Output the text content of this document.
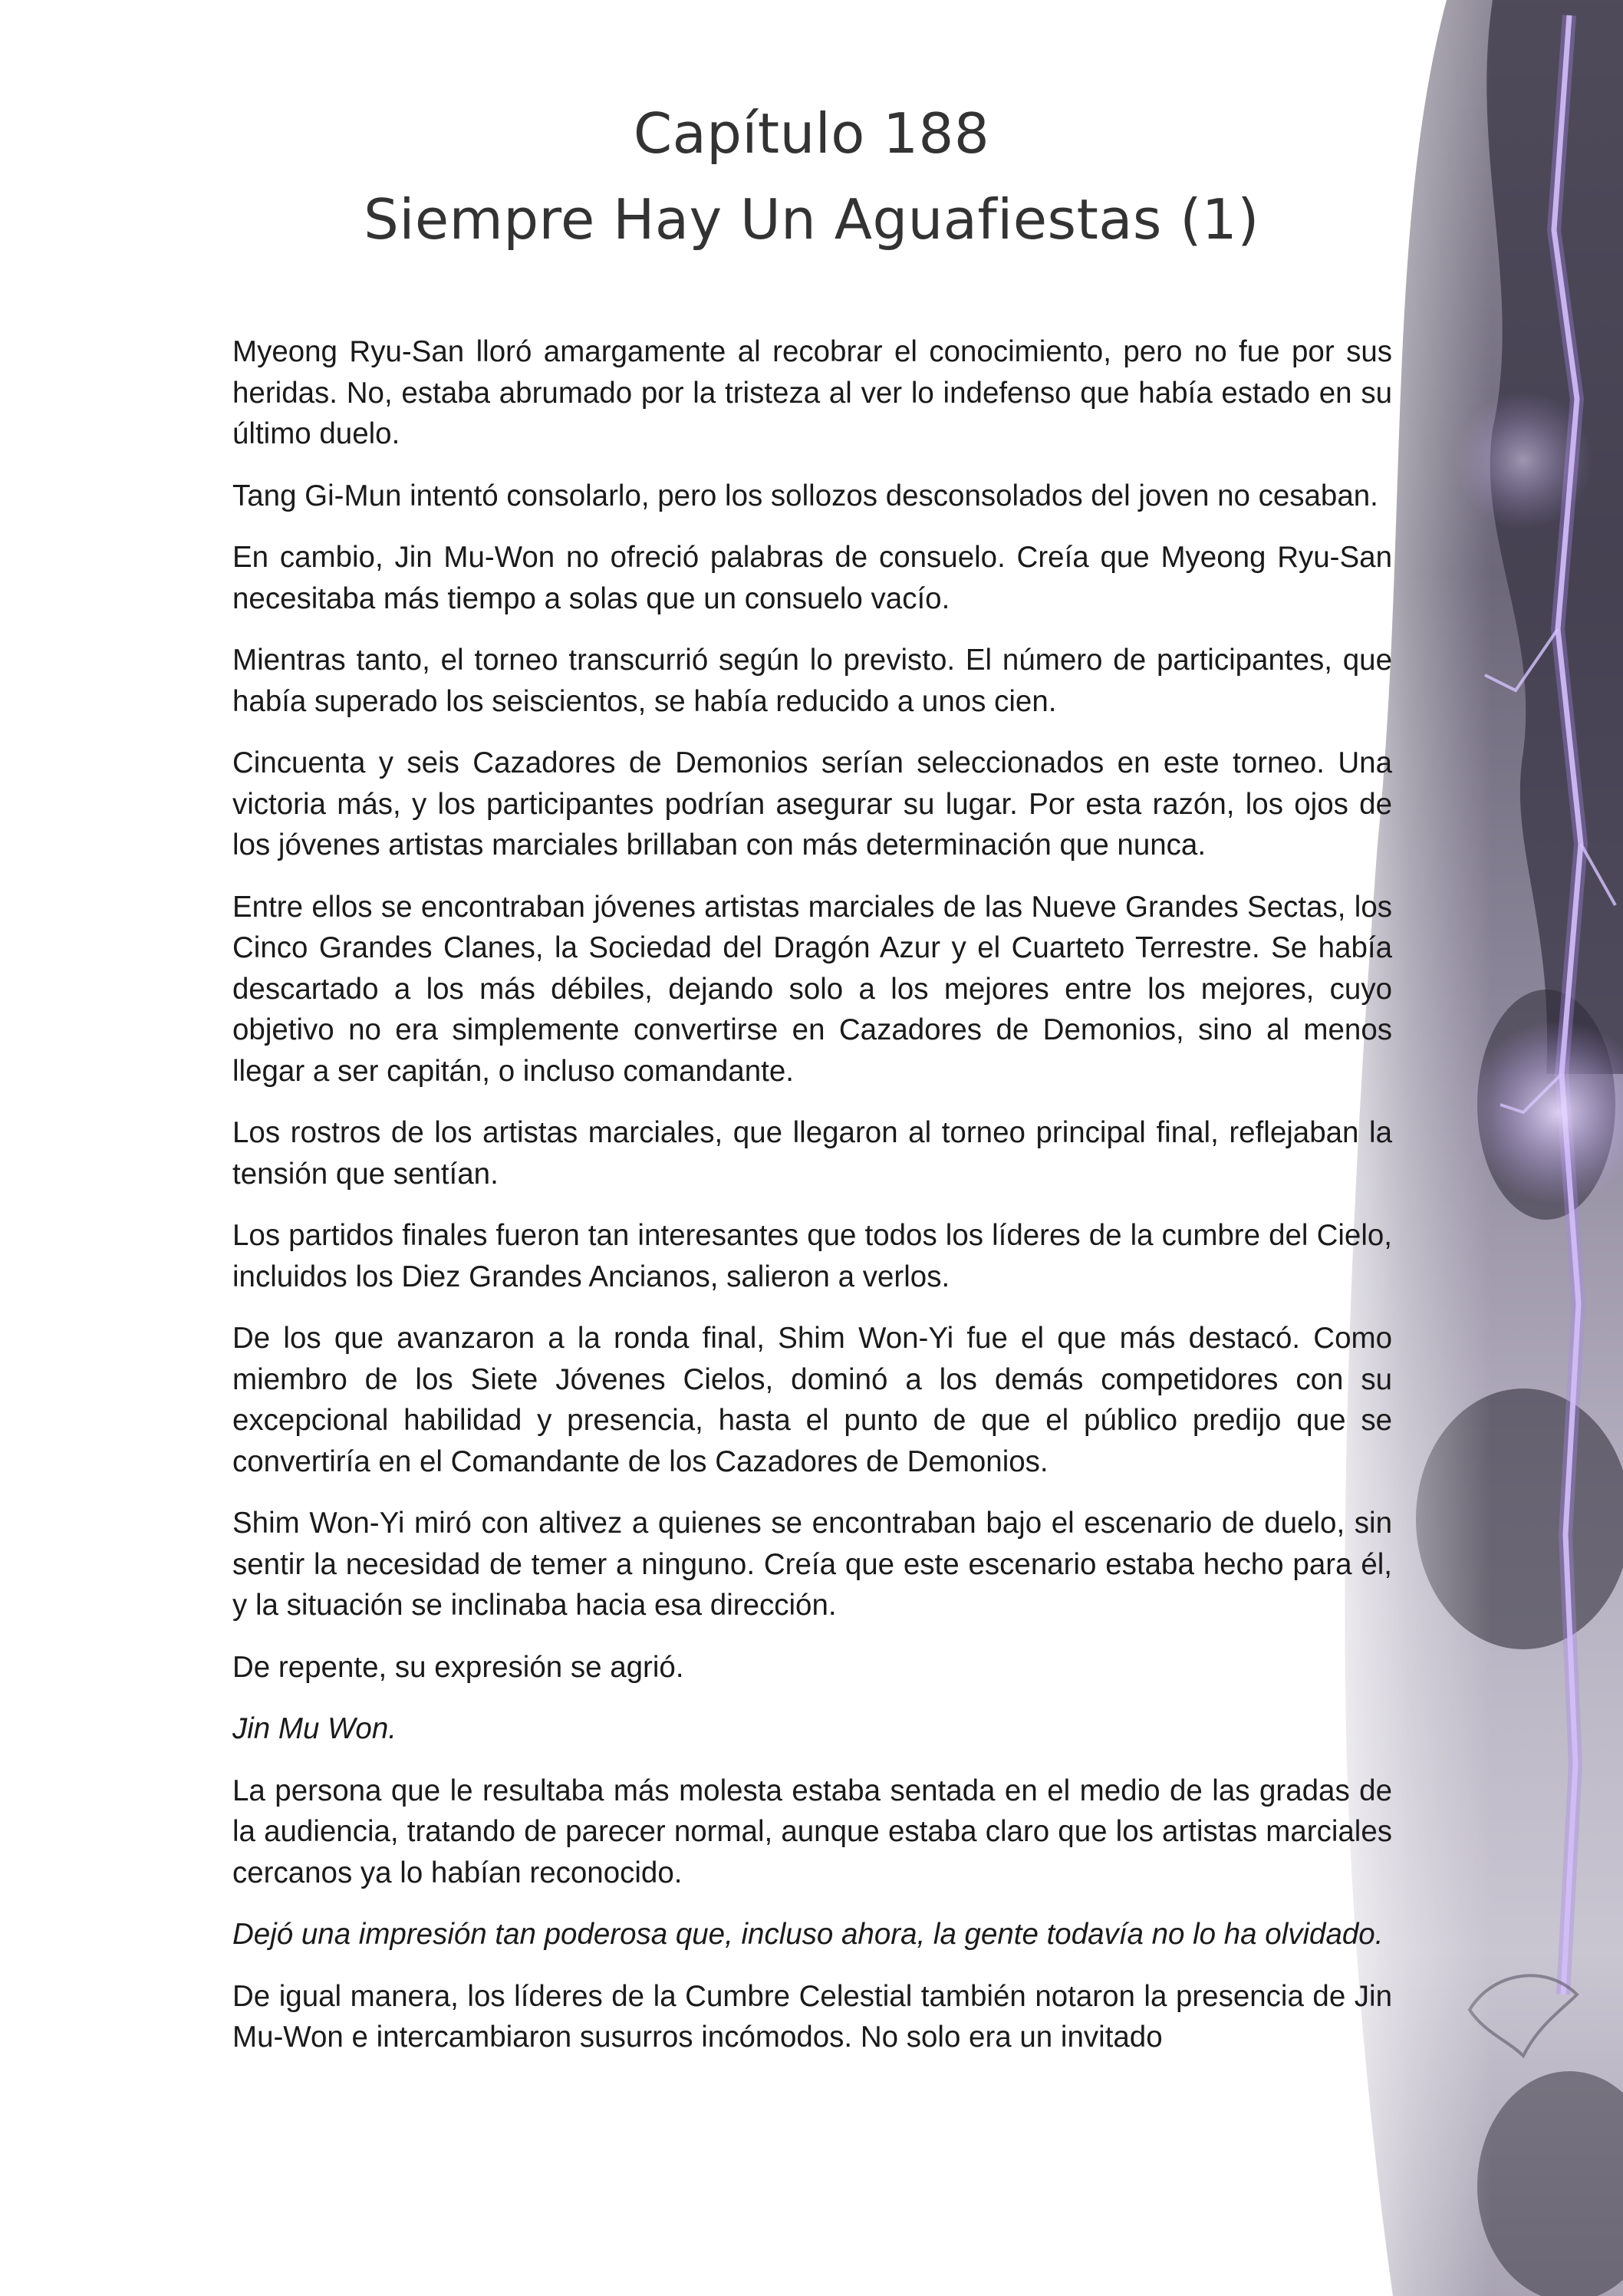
Capítulo 188
Siempre Hay Un Aguafiestas (1)

Myeong Ryu-San lloró amargamente al recobrar el conocimiento, pero no fue por sus heridas. No, estaba abrumado por la tristeza al ver lo indefenso que había estado en su último duelo.

Tang Gi-Mun intentó consolarlo, pero los sollozos desconsolados del joven no cesaban.

En cambio, Jin Mu-Won no ofreció palabras de consuelo. Creía que Myeong Ryu-San necesitaba más tiempo a solas que un consuelo vacío.

Mientras tanto, el torneo transcurrió según lo previsto. El número de participantes, que había superado los seiscientos, se había reducido a unos cien.

Cincuenta y seis Cazadores de Demonios serían seleccionados en este torneo. Una victoria más, y los participantes podrían asegurar su lugar. Por esta razón, los ojos de los jóvenes artistas marciales brillaban con más determinación que nunca.

Entre ellos se encontraban jóvenes artistas marciales de las Nueve Grandes Sectas, los Cinco Grandes Clanes, la Sociedad del Dragón Azur y el Cuarteto Terrestre. Se había descartado a los más débiles, dejando solo a los mejores entre los mejores, cuyo objetivo no era simplemente convertirse en Cazadores de Demonios, sino al menos llegar a ser capitán, o incluso comandante.

Los rostros de los artistas marciales, que llegaron al torneo principal final, reflejaban la tensión que sentían.

Los partidos finales fueron tan interesantes que todos los líderes de la cumbre del Cielo, incluidos los Diez Grandes Ancianos, salieron a verlos.

De los que avanzaron a la ronda final, Shim Won-Yi fue el que más destacó. Como miembro de los Siete Jóvenes Cielos, dominó a los demás competidores con su excepcional habilidad y presencia, hasta el punto de que el público predijo que se convertiría en el Comandante de los Cazadores de Demonios.

Shim Won-Yi miró con altivez a quienes se encontraban bajo el escenario de duelo, sin sentir la necesidad de temer a ninguno. Creía que este escenario estaba hecho para él, y la situación se inclinaba hacia esa dirección.

De repente, su expresión se agrió.

Jin Mu Won.

La persona que le resultaba más molesta estaba sentada en el medio de las gradas de la audiencia, tratando de parecer normal, aunque estaba claro que los artistas marciales cercanos ya lo habían reconocido.

Dejó una impresión tan poderosa que, incluso ahora, la gente todavía no lo ha olvidado.

De igual manera, los líderes de la Cumbre Celestial también notaron la presencia de Jin Mu-Won e intercambiaron susurros incómodos. No solo era un invitado
